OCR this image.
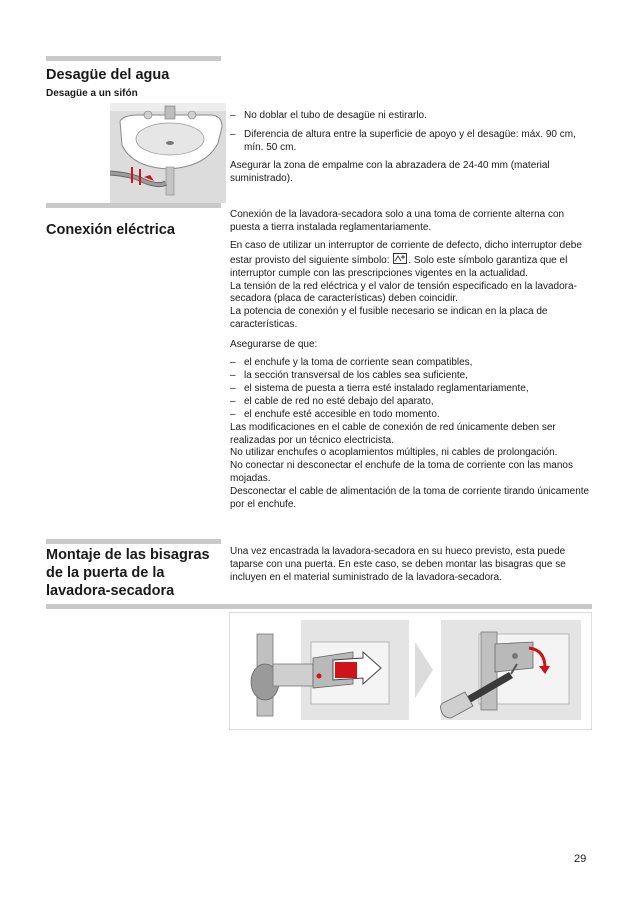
Desagüe del agua
Desagüe a un sifón

– No doblar el tubo de desagüe ni estirarlo.

– Diferencia de altura entre la superficie de apoyo y el desagüe: máx. 90 cm, mín. 50 cm.

Asegurar la zona de empalme con la abrazadera de 24-40 mm (material suministrado).

Conexión eléctrica

Conexión de la lavadora-secadora solo a una toma de corriente alterna con puesta a tierra instalada reglamentariamente.

En caso de utilizar un interruptor de corriente de defecto, dicho interruptor debe estar provisto del siguiente símbolo: . Solo este símbolo garantiza que el interruptor cumple con las prescripciones vigentes en la actualidad.

La tensión de la red eléctrica y el valor de tensión especificado en la lavadora-secadora (placa de características) deben coincidir.

La potencia de conexión y el fusible necesario se indican en la placa de características.

Asegurarse de que:

– el enchufe y la toma de corriente sean compatibles,

– la sección transversal de los cables sea suficiente,

– el sistema de puesta a tierra esté instalado reglamentariamente,

– el cable de red no esté debajo del aparato,

– el enchufe esté accesible en todo momento.

Las modificaciones en el cable de conexión de red únicamente deben ser realizadas por un técnico electricista.

No utilizar enchufes o acoplamientos múltiples, ni cables de prolongación.

No conectar ni desconectar el enchufe de la toma de corriente con las manos mojadas.

Desconectar el cable de alimentación de la toma de corriente tirando únicamente por el enchufe.

Montaje de las bisagras de la puerta de la lavadora-secadora

Una vez encastrada la lavadora-secadora en su hueco previsto, esta puede taparse con una puerta. En este caso, se deben montar las bisagras que se incluyen en el material suministrado de la lavadora-secadora.

29
